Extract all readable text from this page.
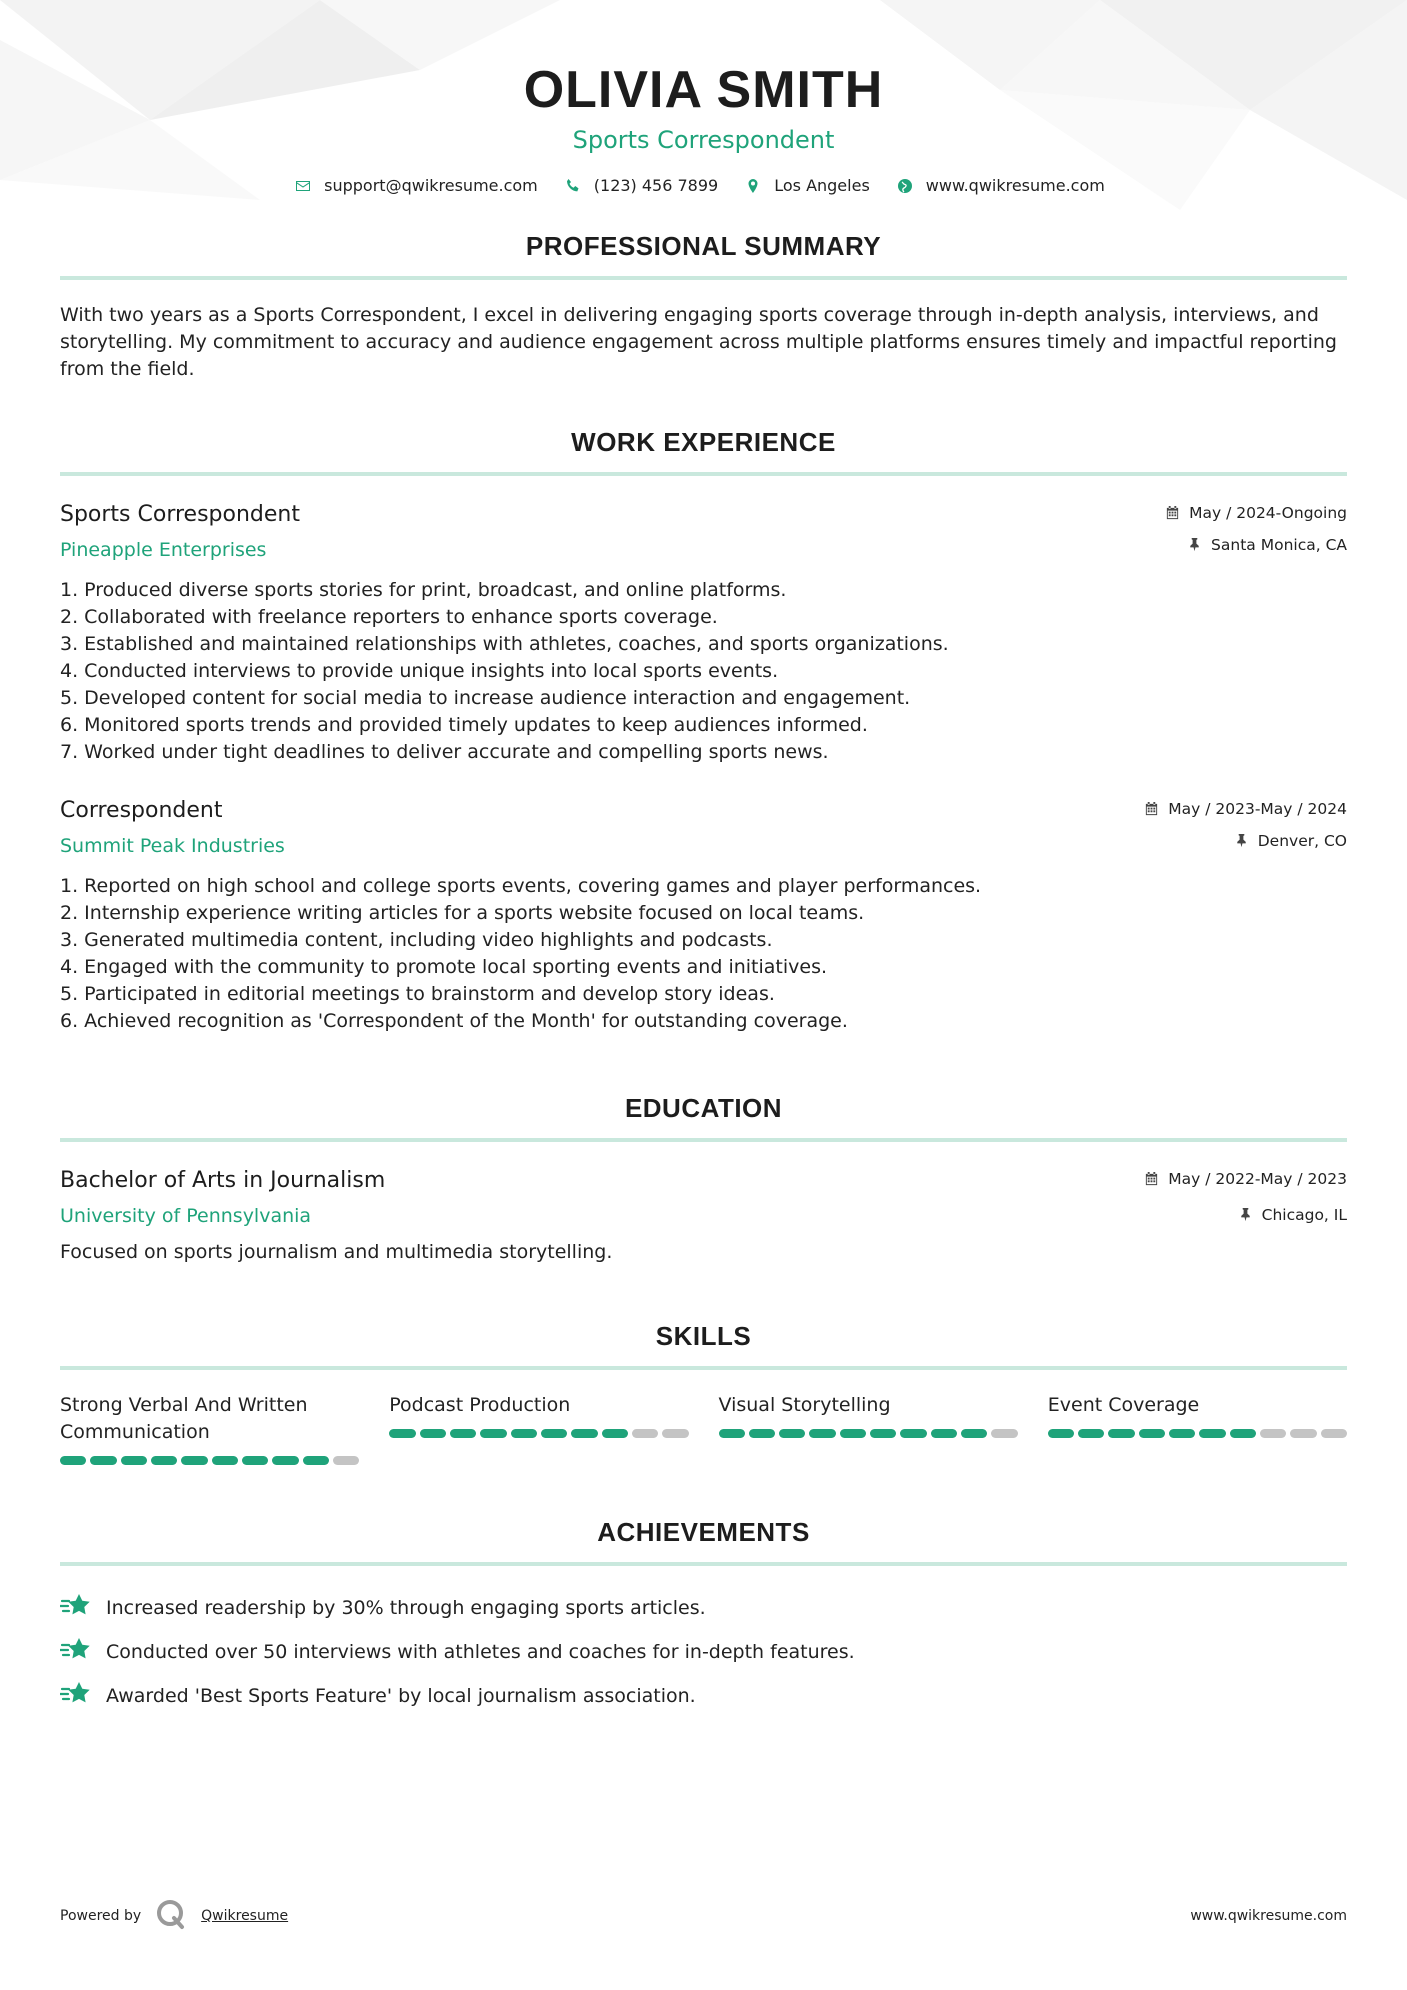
OLIVIA SMITH
Sports Correspondent
support@qwikresume.com	(123) 456 7899	Los Angeles	www.qwikresume.com
PROFESSIONAL SUMMARY

With two years as a Sports Correspondent, I excel in delivering engaging sports coverage through in-depth analysis, interviews, and storytelling. My commitment to accuracy and audience engagement across multiple platforms ensures timely and impactful reporting from the field.

WORK EXPERIENCE
Sports Correspondent
Pineapple Enterprises
May / 2024-Ongoing
Santa Monica, CA
1. Produced diverse sports stories for print, broadcast, and online platforms.
2. Collaborated with freelance reporters to enhance sports coverage.
3. Established and maintained relationships with athletes, coaches, and sports organizations.
4. Conducted interviews to provide unique insights into local sports events.
5. Developed content for social media to increase audience interaction and engagement.
6. Monitored sports trends and provided timely updates to keep audiences informed.
7. Worked under tight deadlines to deliver accurate and compelling sports news.
Correspondent
Summit Peak Industries
May / 2023-May / 2024
Denver, CO
1. Reported on high school and college sports events, covering games and player performances.
2. Internship experience writing articles for a sports website focused on local teams.
3. Generated multimedia content, including video highlights and podcasts.
4. Engaged with the community to promote local sporting events and initiatives.
5. Participated in editorial meetings to brainstorm and develop story ideas.
6. Achieved recognition as 'Correspondent of the Month' for outstanding coverage.
EDUCATION
Bachelor of Arts in Journalism
University of Pennsylvania
May / 2022-May / 2023
Chicago, IL

Focused on sports journalism and multimedia storytelling.

SKILLS
Strong Verbal And Written Communication
Podcast Production	Visual Storytelling	Event Coverage
ACHIEVEMENTS
Increased readership by 30% through engaging sports articles.
Conducted over 50 interviews with athletes and coaches for in-depth features.
Awarded 'Best Sports Feature' by local journalism association.
Powered by	Qwikresume	www.qwikresume.com
